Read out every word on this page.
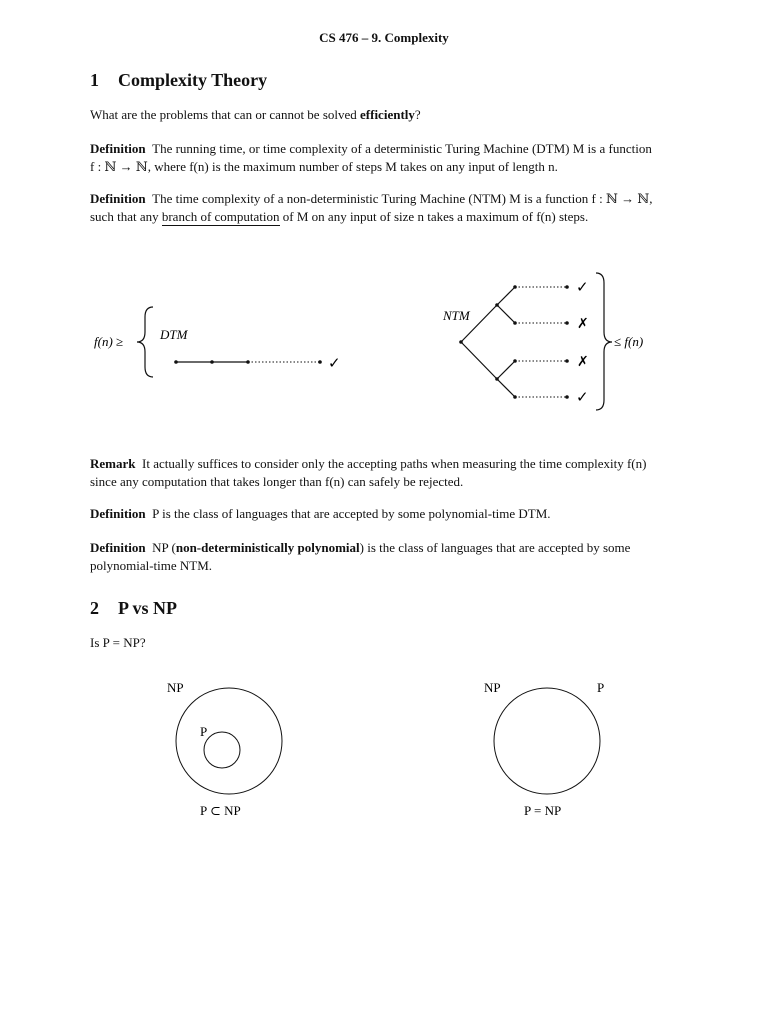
CS 476 – 9. Complexity
1 Complexity Theory
What are the problems that can or cannot be solved efficiently?
Definition The running time, or time complexity of a deterministic Turing Machine (DTM) M is a function
f : ℕ → ℕ, where f(n) is the maximum number of steps M takes on any input of length n.
Definition The time complexity of a non-deterministic Turing Machine (NTM) M is a function f : ℕ → ℕ,
such that any branch of computation of M on any input of size n takes a maximum of f(n) steps.
f(n) ≥	DTM
✓
NTM
✓
✗
✗
✓
≤ f(n)
Remark It actually suffices to consider only the accepting paths when measuring the time complexity f(n)
since any computation that takes longer than f(n) can safely be rejected.
Definition P is the class of languages that are accepted by some polynomial-time DTM.
Definition NP (non-deterministically polynomial) is the class of languages that are accepted by some
polynomial-time NTM.
2 P vs NP
Is P = NP?
NP
P
P ⊂ NP
NP	P
P = NP
